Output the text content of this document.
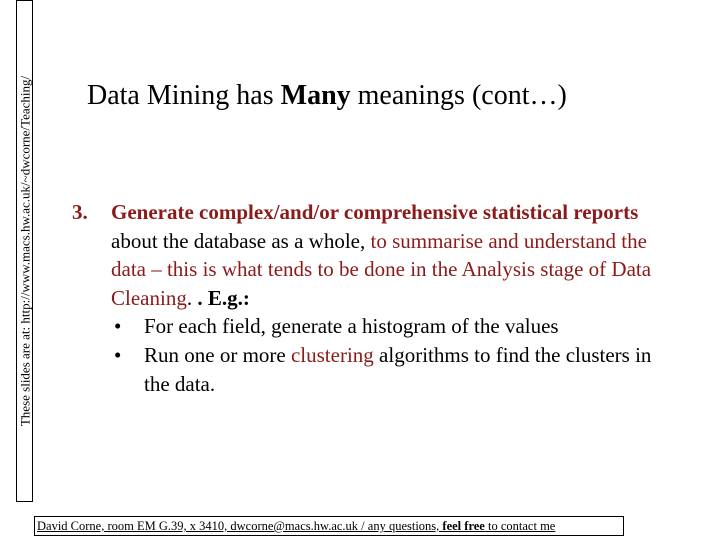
These slides are at: http://www.macs.hw.ac.uk/~dwcorne/Teaching/ Data Mining has Many meanings (cont…)
3.	Generate complex/and/or comprehensive statistical reports about the database as a whole, to summarise and understand the data – this is what tends to be done in the Analysis stage of Data Cleaning. . E.g.:
•	For each field, generate a histogram of the values
•	Run one or more clustering algorithms to find the clusters in the data.
David Corne, room EM G.39, x 3410, dwcorne@macs.hw.ac.uk / any questions, feel free to contact me
